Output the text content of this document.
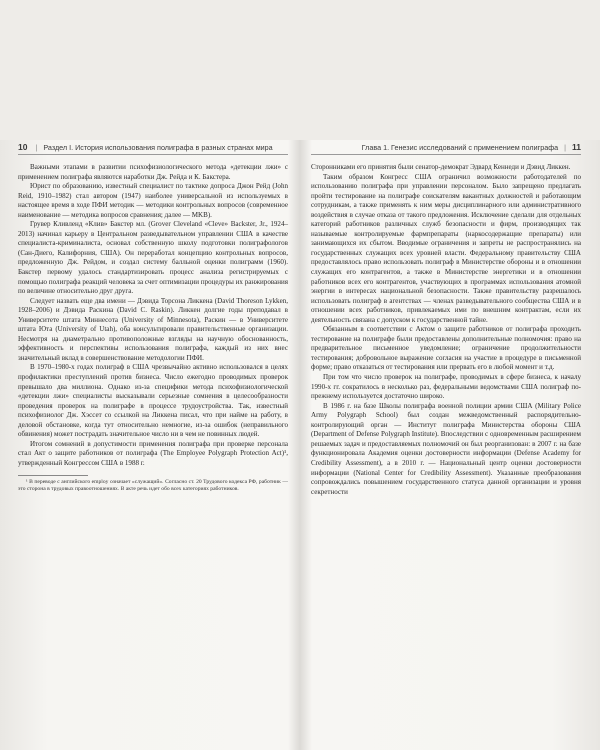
10 | Раздел I. История использования полиграфа в разных странах мира

Важными этапами в развитии психофизиологического метода «детекции лжи» с применением полиграфа являются наработки Дж. Рейда и К. Бакстера.

Юрист по образованию, известный специалист по тактике допроса Джон Рейд (John Reid, 1910–1982) стал автором (1947) наиболее универсальной из используемых в настоящее время в ходе ПФИ методик — методики контрольных вопросов (современное наименование — методика вопросов сравнения; далее — MKB).

Грувер Кливленд «Клив» Бакстер мл. (Grover Cleveland «Cleve» Backster, Jr., 1924–2013) начинал карьеру в Центральном разведывательном управлении США в качестве специалиста-криминалиста, основал собственную школу подготовки полиграфологов (Сан-Диего, Калифорния, США). Он переработал концепцию контрольных вопросов, предложенную Дж. Рейдом, и создал систему балльной оценки полиграмм (1960). Бакстер первому удалось стандартизировать процесс анализа регистрируемых с помощью полиграфа реакций человека за счет оптимизации процедуры их ранжирования по величине относительно друг друга.

Следует назвать еще два имени — Дэвида Торсона Ликкена (David Thoreson Lykken, 1928–2006) и Дэвида Раскина (David C. Raskin). Ликкен долгие годы преподавал в Университете штата Миннесота (University of Minnesota), Раскин — в Университете штата Юта (University of Utah), оба консультировали правительственные организации. Несмотря на диаметрально противоположные взгляды на научную обоснованность, эффективность и перспективы использования полиграфа, каждый из них внес значительный вклад в совершенствование методологии ПФИ.

В 1970–1980-х годах полиграф в США чрезвычайно активно использовался в целях профилактики преступлений против бизнеса. Число ежегодно проводимых проверок превышало два миллиона. Однако из-за специфики метода психофизиологической «детекции лжи» специалисты высказывали серьезные сомнения в целесообразности проведения проверок на полиграфе в процессе трудоустройства. Так, известный психофизиолог Дж. Хэссет со ссылкой на Ликкена писал, что при найме на работу, в деловой обстановке, когда тут относительно немногие, из-за ошибок (неправильного обвинения) может пострадать значительное число ни в чем не повинных людей.

Итогом сомнений в допустимости применения полиграфа при проверке персонала стал Акт о защите работников от полиграфа (The Employee Polygraph Protection Act)¹, утвержденный Конгрессом США в 1988 г.

¹ В переводе с английского employ означает «служащий». Согласно ст. 20 Трудового кодекса РФ, работник — это сторона в трудовых правоотношениях. В акте речь идет обо всех категориях работников.
Глава 1. Генезис исследований с применением полиграфа | 11

Сторонниками его принятия были сенатор-демократ Эдвард Кеннеди и Дэвид Ликкен.

Таким образом Конгресс США ограничил возможности работодателей по использованию полиграфа при управлении персоналом. Было запрещено предлагать пройти тестирование на полиграфе соискателям вакантных должностей и работающим сотрудникам, а также применять к ним меры дисциплинарного или административного воздействия в случае отказа от такого предложения. Исключение сделали для отдельных категорий работников различных служб безопасности и фирм, производящих так называемые контролируемые фармпрепараты (наркосодержащие препараты) или занимающихся их сбытом. Вводимые ограничения и запреты не распространялись на государственных служащих всех уровней власти. Федеральному правительству США предоставлялось право использовать полиграф в Министерстве обороны и в отношении служащих его контрагентов, а также в Министерстве энергетики и в отношении работников всех его контрагентов, участвующих в программах использования атомной энергии в интересах национальной безопасности. Также правительству разрешалось использовать полиграф в агентствах — членах разведывательного сообщества США и в отношении всех работников, привлекаемых ими по внешним контрактам, если их деятельность связана с допуском к государственной тайне.

Обязанным в соответствии с Актом о защите работников от полиграфа проходить тестирование на полиграфе были предоставлены дополнительные полномочия: право на предварительное письменное уведомление; ограничение продолжительности тестирования; добровольное выражение согласия на участие в процедуре в письменной форме; право отказаться от тестирования или прервать его в любой момент и т.д.

При том что число проверок на полиграфе, проводимых в сфере бизнеса, к началу 1990-х гг. сократилось в несколько раз, федеральными ведомствами США полиграф по-прежнему используется достаточно широко.

В 1986 г. на базе Школы полиграфа военной полиции армии США (Military Police Army Polygraph School) был создан межведомственный распорядительно-контролирующий орган — Институт полиграфа Министерства обороны США (Department of Defense Polygraph Institute). Впоследствии с одновременным расширением решаемых задач и предоставляемых полномочий он был реорганизован: в 2007 г. на базе функционировала Академия оценки достоверности информации (Defense Academy for Credibility Assessment), а в 2010 г. — Национальный центр оценки достоверности информации (National Center for Credibility Assessment). Указанные преобразования сопровождались повышением государственного статуса данной организации и уровня секретности
